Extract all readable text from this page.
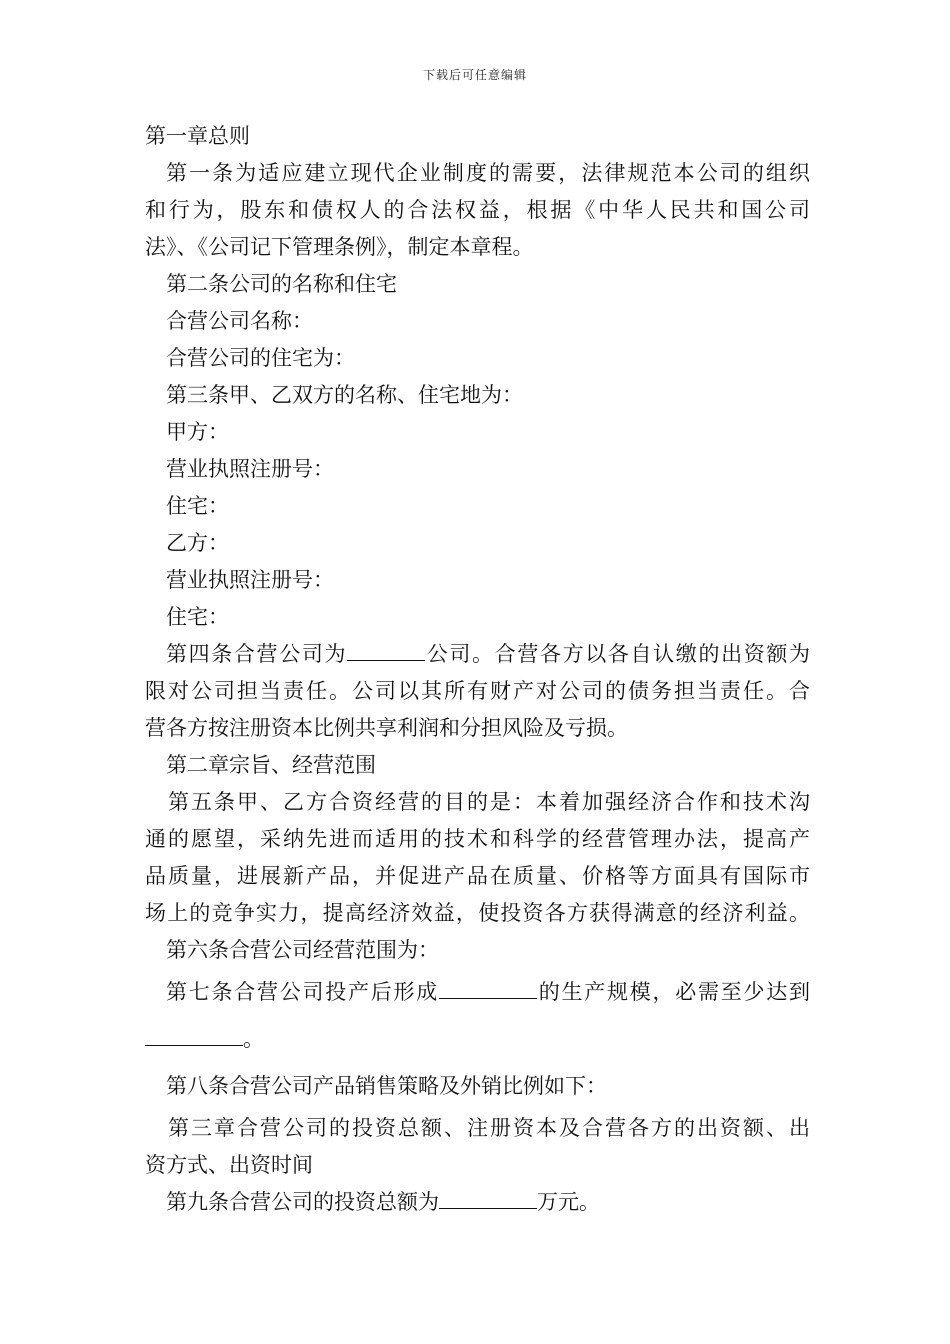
下载后可任意编辑
第一章总则
第一条为适应建立现代企业制度的需要，法律规范本公司的组织
和行为，股东和债权人的合法权益，根据《中华人民共和国公司
法》、《公司记下管理条例》，制定本章程。
第二条公司的名称和住宅
合营公司名称：
合营公司的住宅为：
第三条甲、乙双方的名称、住宅地为：
甲方：
营业执照注册号：
住宅：
乙方：
营业执照注册号：
住宅：
第四条合营公司为	公司。合营各方以各自认缴的出资额为
限对公司担当责任。公司以其所有财产对公司的债务担当责任。合
营各方按注册资本比例共享利润和分担风险及亏损。
第二章宗旨、经营范围
第五条甲、乙方合资经营的目的是：本着加强经济合作和技术沟
通的愿望，采纳先进而适用的技术和科学的经营管理办法，提高产
品质量，进展新产品，并促进产品在质量、价格等方面具有国际市
场上的竞争实力，提高经济效益，使投资各方获得满意的经济利益。
第六条合营公司经营范围为：
第七条合营公司投产后形成	的生产规模，必需至少达到
。
第八条合营公司产品销售策略及外销比例如下：
第三章合营公司的投资总额、注册资本及合营各方的出资额、出
资方式、出资时间
第九条合营公司的投资总额为	万元。
